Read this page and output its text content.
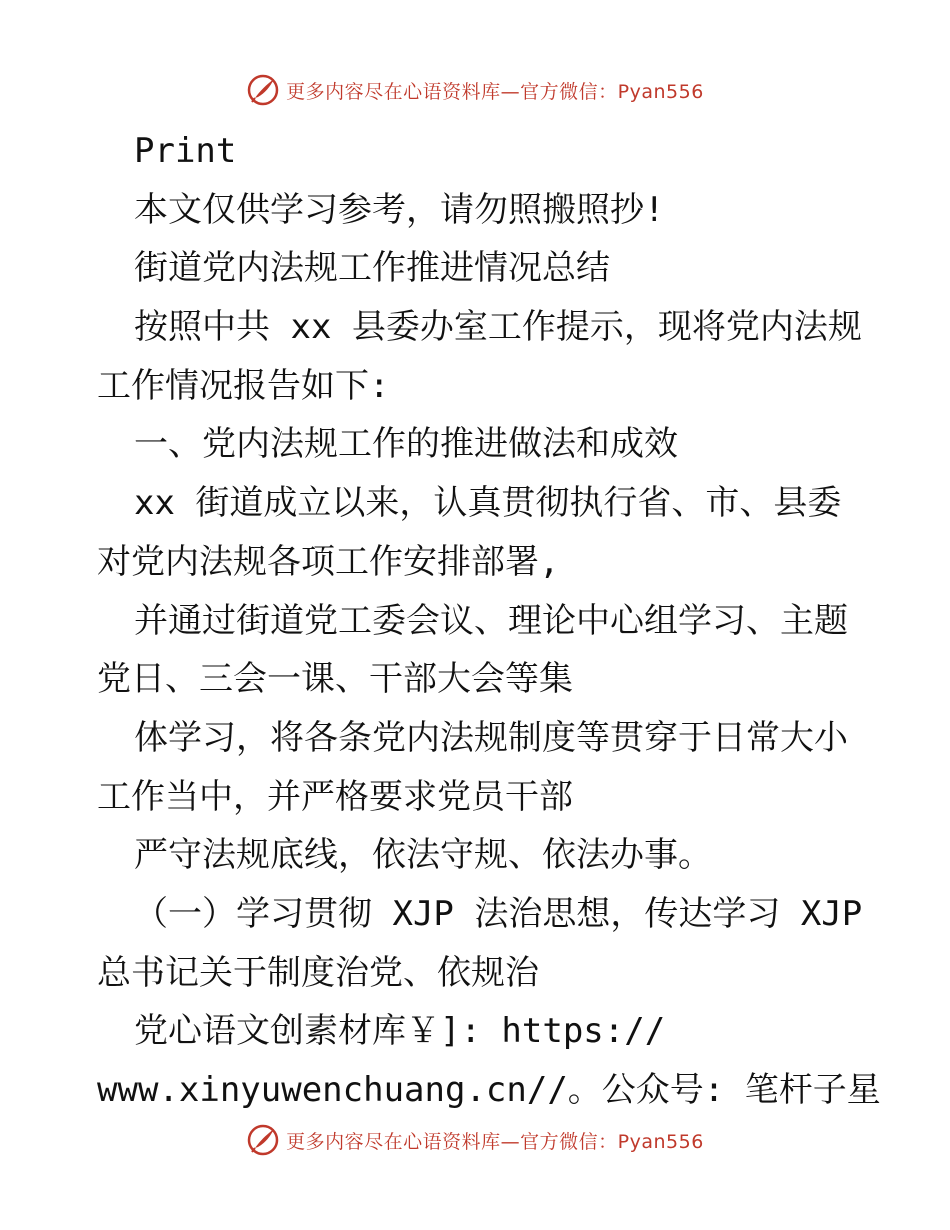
更多内容尽在心语资料库—官方微信：Pyan556
Print
本文仅供学习参考，请勿照搬照抄!
街道党内法规工作推进情况总结
按照中共 xx 县委办室工作提示，现将党内法规
工作情况报告如下:
一、党内法规工作的推进做法和成效
xx 街道成立以来，认真贯彻执行省、市、县委
对党内法规各项工作安排部署,
并通过街道党工委会议、理论中心组学习、主题
党日、三会一课、干部大会等集
体学习，将各条党内法规制度等贯穿于日常大小
工作当中，并严格要求党员干部
严守法规底线，依法守规、依法办事。
（一）学习贯彻 XJP 法治思想，传达学习 XJP
总书记关于制度治党、依规治
党心语文创素材库￥]: https://
www.xinyuwenchuang.cn//。公众号: 笔杆子星
更多内容尽在心语资料库—官方微信：Pyan556
